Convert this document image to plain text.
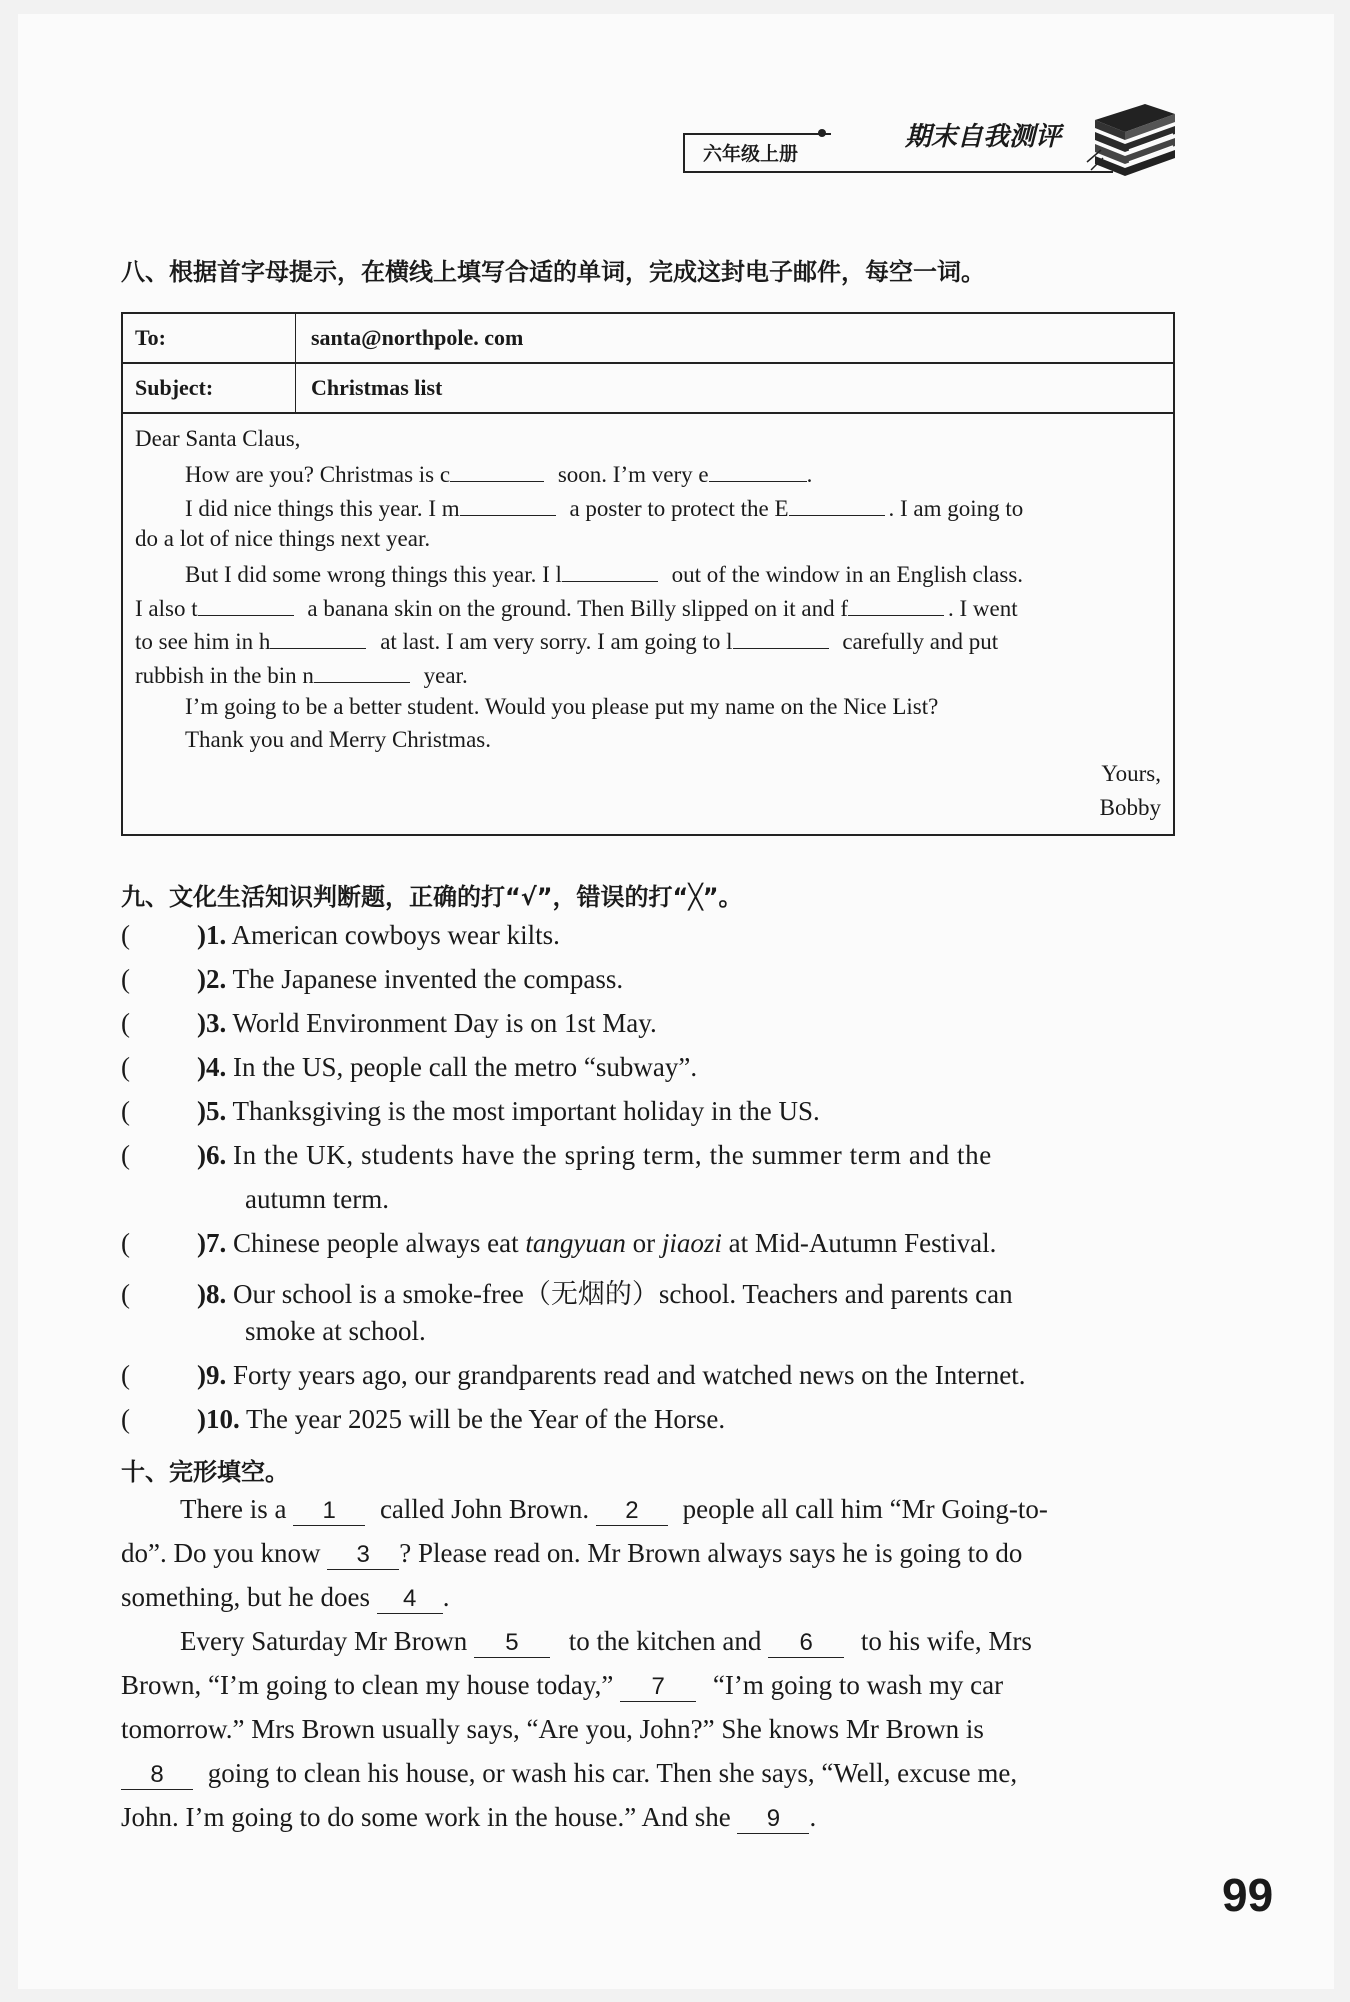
六年级上册
期末自我测评
八、根据首字母提示，在横线上填写合适的单词，完成这封电子邮件，每空一词。
To:	santa@northpole. com
Subject:	Christmas list
Dear Santa Claus,
How are you? Christmas is c	soon. I’m very e	.
I did nice things this year. I m	a poster to protect the E	. I am going to
do a lot of nice things next year.
But I did some wrong things this year. I l	out of the window in an English class.
I also t	a banana skin on the ground. Then Billy slipped on it and f	. I went
to see him in h	at last. I am very sorry. I am going to l	carefully and put
rubbish in the bin n	year.
I’m going to be a better student. Would you please put my name on the Nice List?
Thank you and Merry Christmas.
Yours,
Bobby
九、文化生活知识判断题，正确的打“√”，错误的打“╳”。
( )1. American cowboys wear kilts.
( )2. The Japanese invented the compass.
( )3. World Environment Day is on 1st May.
( )4. In the US, people call the metro “subway”.
( )5. Thanksgiving is the most important holiday in the US.
( )6. In the UK, students have the spring term, the summer term and the
autumn term.
( )7. Chinese people always eat tangyuan or jiaozi at Mid-Autumn Festival.
( )8. Our school is a smoke-free（无烟的）school. Teachers and parents can
smoke at school.
( )9. Forty years ago, our grandparents read and watched news on the Internet.
( )10. The year 2025 will be the Year of the Horse.
十、完形填空。
There is a 1 called John Brown. 2 people all call him “Mr Going-to-
do”. Do you know 3 ? Please read on. Mr Brown always says he is going to do
something, but he does 4 .
Every Saturday Mr Brown 5 to the kitchen and 6 to his wife, Mrs
Brown, “I’m going to clean my house today,” 7 “I’m going to wash my car
tomorrow.” Mrs Brown usually says, “Are you, John?” She knows Mr Brown is
8 going to clean his house, or wash his car. Then she says, “Well, excuse me,
John. I’m going to do some work in the house.” And she 9 .
99
